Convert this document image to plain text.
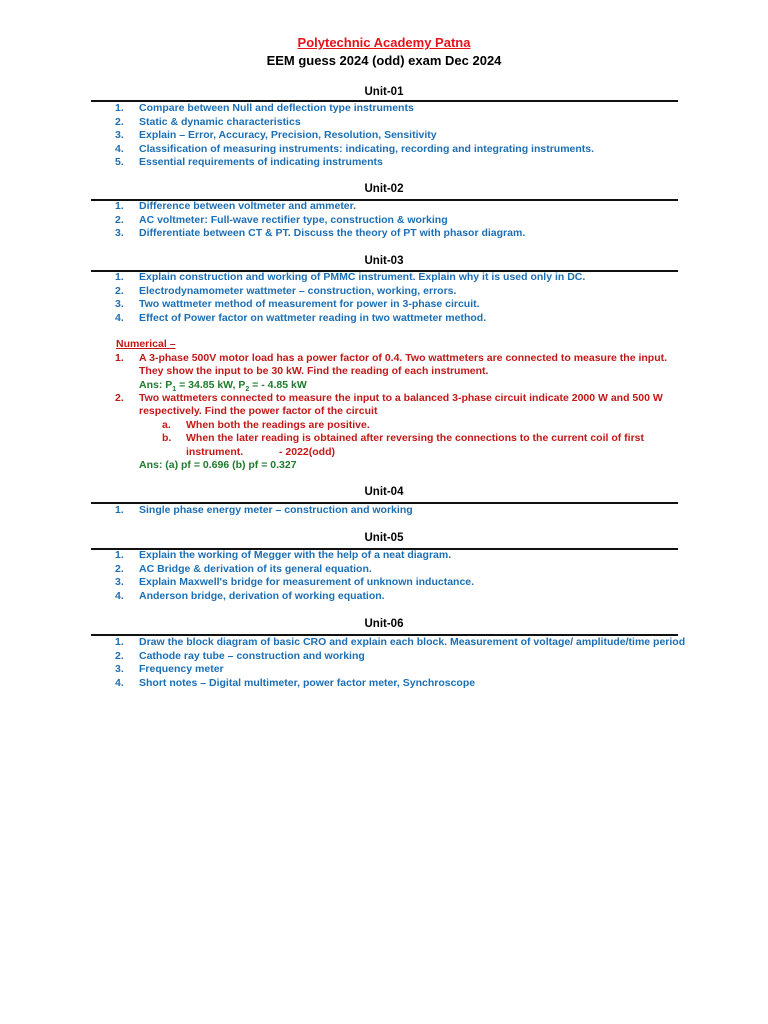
Polytechnic Academy Patna
EEM guess 2024 (odd) exam Dec 2024
Unit-01
1. Compare between Null and deflection type instruments
2. Static & dynamic characteristics
3. Explain – Error, Accuracy, Precision, Resolution, Sensitivity
4. Classification of measuring instruments: indicating, recording and integrating instruments.
5. Essential requirements of indicating instruments
Unit-02
1. Difference between voltmeter and ammeter.
2. AC voltmeter: Full-wave rectifier type, construction & working
3. Differentiate between CT & PT. Discuss the theory of PT with phasor diagram.
Unit-03
1. Explain construction and working of PMMC instrument. Explain why it is used only in DC.
2. Electrodynamometer wattmeter – construction, working, errors.
3. Two wattmeter method of measurement for power in 3-phase circuit.
4. Effect of Power factor on wattmeter reading in two wattmeter method.
Numerical –
1. A 3-phase 500V motor load has a power factor of 0.4. Two wattmeters are connected to measure the input.
They show the input to be 30 kW. Find the reading of each instrument.
Ans: $P_1 = 34.85$ kW, $P_2$ = - 4.85 kW
2. Two wattmeters connected to measure the input to a balanced 3-phase circuit indicate 2000 W and 500 W
respectively. Find the power factor of the circuit
a. When both the readings are positive.
b. When the later reading is obtained after reversing the connections to the current coil of first
instrument.	- 2022(odd)
Ans: (a) pf = 0.696 (b) pf = 0.327
Unit-04
1. Single phase energy meter – construction and working
Unit-05
1. Explain the working of Megger with the help of a neat diagram.
2. AC Bridge & derivation of its general equation.
3. Explain Maxwell's bridge for measurement of unknown inductance.
4. Anderson bridge, derivation of working equation.
Unit-06
1. Draw the block diagram of basic CRO and explain each block. Measurement of voltage/ amplitude/time period
2. Cathode ray tube – construction and working
3. Frequency meter
4. Short notes – Digital multimeter, power factor meter, Synchroscope
